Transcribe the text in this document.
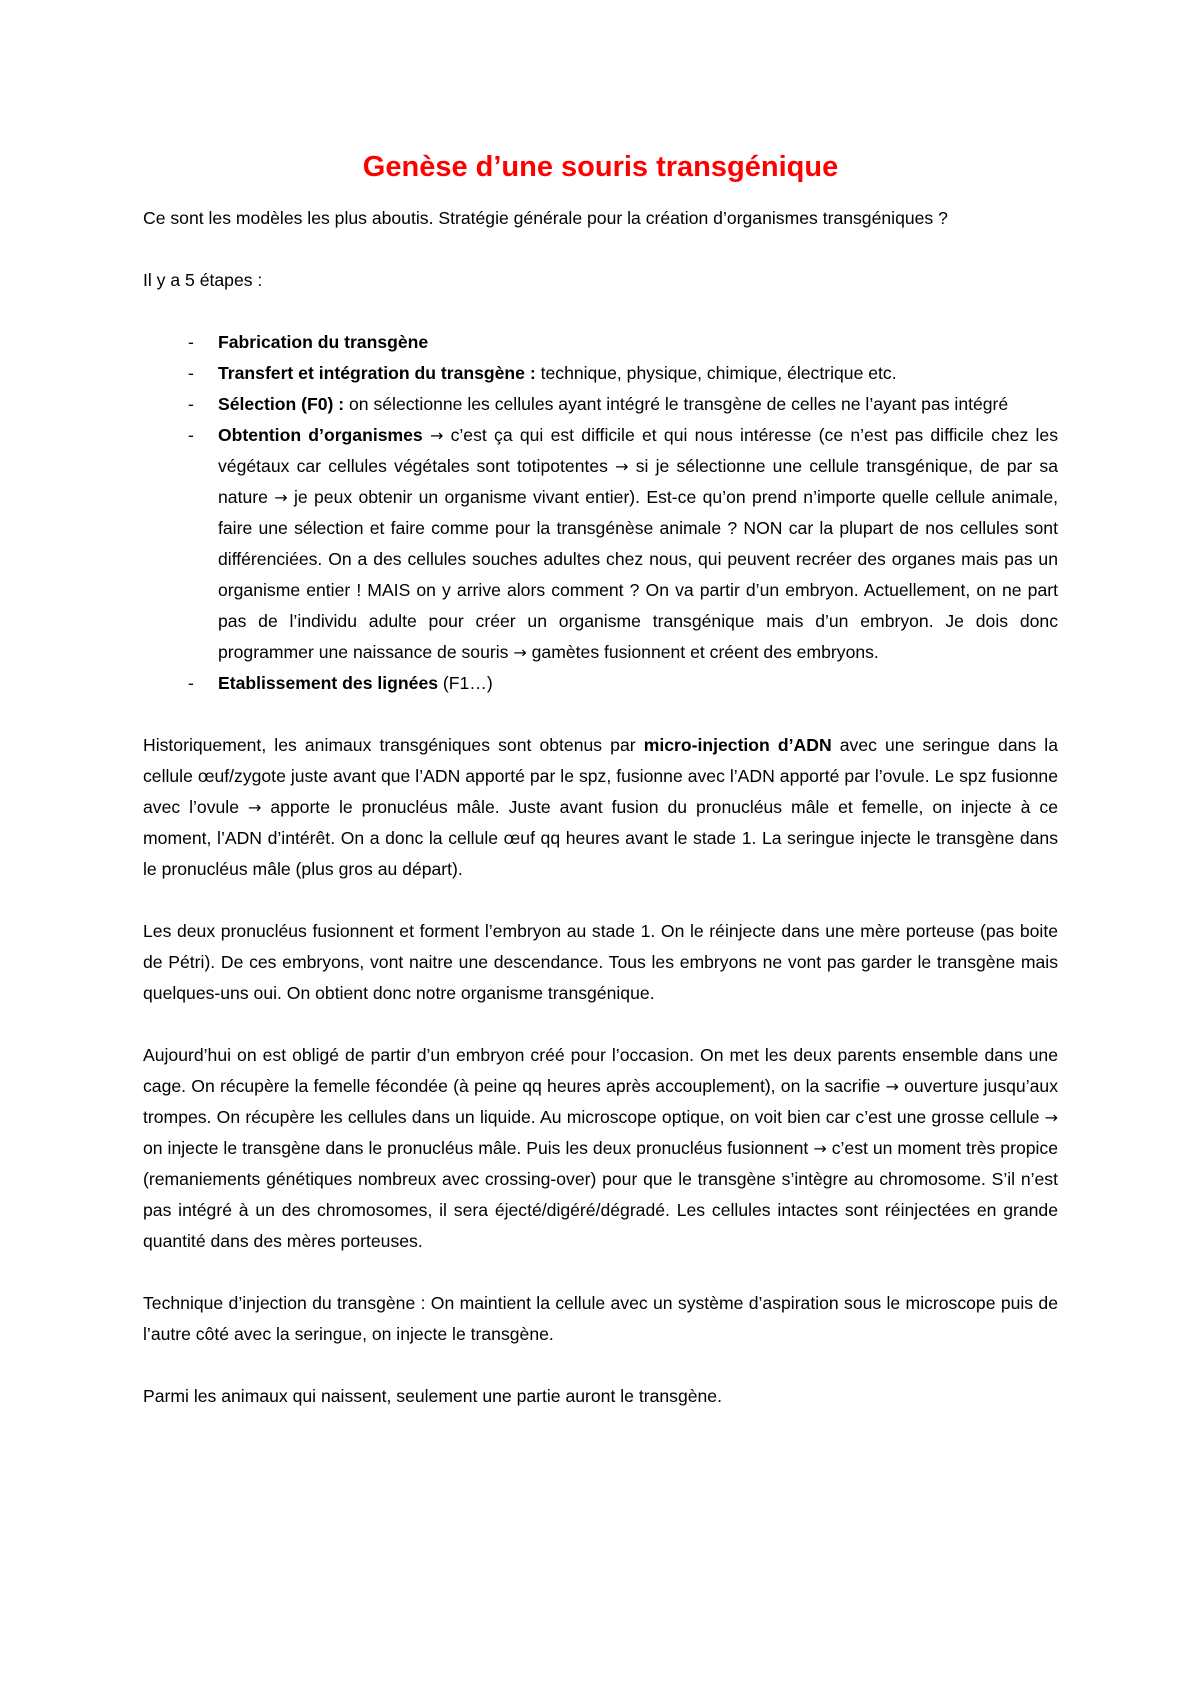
Genèse d’une souris transgénique

Ce sont les modèles les plus aboutis. Stratégie générale pour la création d’organismes transgéniques ?

Il y a 5 étapes :

- Fabrication du transgène
- Transfert et intégration du transgène : technique, physique, chimique, électrique etc.
- Sélection (F0) : on sélectionne les cellules ayant intégré le transgène de celles ne l’ayant pas intégré
- Obtention d’organismes → c’est ça qui est difficile et qui nous intéresse (ce n’est pas difficile chez les végétaux car cellules végétales sont totipotentes → si je sélectionne une cellule transgénique, de par sa nature → je peux obtenir un organisme vivant entier). Est-ce qu’on prend n’importe quelle cellule animale, faire une sélection et faire comme pour la transgénèse animale ? NON car la plupart de nos cellules sont différenciées. On a des cellules souches adultes chez nous, qui peuvent recréer des organes mais pas un organisme entier ! MAIS on y arrive alors comment ? On va partir d’un embryon. Actuellement, on ne part pas de l’individu adulte pour créer un organisme transgénique mais d’un embryon. Je dois donc programmer une naissance de souris → gamètes fusionnent et créent des embryons.
- Etablissement des lignées (F1…)

Historiquement, les animaux transgéniques sont obtenus par micro-injection d’ADN avec une seringue dans la cellule œuf/zygote juste avant que l’ADN apporté par le spz, fusionne avec l’ADN apporté par l’ovule. Le spz fusionne avec l’ovule → apporte le pronucléus mâle. Juste avant fusion du pronucléus mâle et femelle, on injecte à ce moment, l’ADN d’intérêt. On a donc la cellule œuf qq heures avant le stade 1. La seringue injecte le transgène dans le pronucléus mâle (plus gros au départ).

Les deux pronucléus fusionnent et forment l’embryon au stade 1. On le réinjecte dans une mère porteuse (pas boite de Pétri). De ces embryons, vont naitre une descendance. Tous les embryons ne vont pas garder le transgène mais quelques-uns oui. On obtient donc notre organisme transgénique.

Aujourd’hui on est obligé de partir d’un embryon créé pour l’occasion. On met les deux parents ensemble dans une cage. On récupère la femelle fécondée (à peine qq heures après accouplement), on la sacrifie → ouverture jusqu’aux trompes. On récupère les cellules dans un liquide. Au microscope optique, on voit bien car c’est une grosse cellule → on injecte le transgène dans le pronucléus mâle. Puis les deux pronucléus fusionnent → c’est un moment très propice (remaniements génétiques nombreux avec crossing-over) pour que le transgène s’intègre au chromosome. S’il n’est pas intégré à un des chromosomes, il sera éjecté/digéré/dégradé. Les cellules intactes sont réinjectées en grande quantité dans des mères porteuses.

Technique d’injection du transgène : On maintient la cellule avec un système d’aspiration sous le microscope puis de l’autre côté avec la seringue, on injecte le transgène.

Parmi les animaux qui naissent, seulement une partie auront le transgène.
